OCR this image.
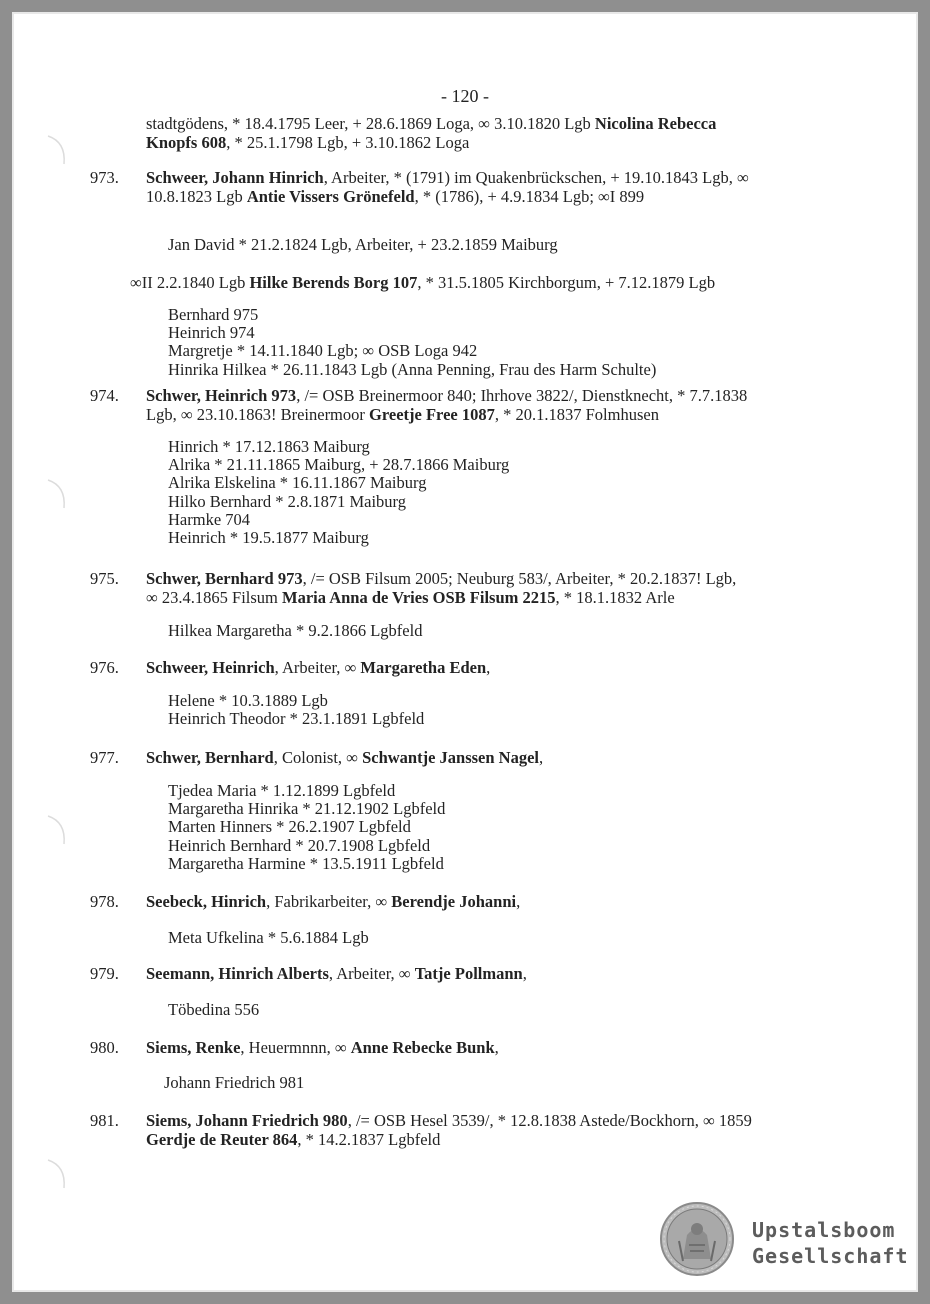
- 120 -
stadtgödens, * 18.4.1795 Leer, + 28.6.1869 Loga, ∞ 3.10.1820 Lgb Nicolina Rebecca
Knopfs 608, * 25.1.1798 Lgb, + 3.10.1862 Loga
973. Schweer, Johann Hinrich, Arbeiter, * (1791) im Quakenbrückschen, + 19.10.1843 Lgb, ∞
10.8.1823 Lgb Antie Vissers Grönefeld, * (1786), + 4.9.1834 Lgb; ∞I 899
Jan David * 21.2.1824 Lgb, Arbeiter, + 23.2.1859 Maiburg
∞II 2.2.1840 Lgb Hilke Berends Borg 107, * 31.5.1805 Kirchborgum, + 7.12.1879 Lgb
Bernhard 975
Heinrich 974
Margretje * 14.11.1840 Lgb; ∞ OSB Loga 942
Hinrika Hilkea * 26.11.1843 Lgb (Anna Penning, Frau des Harm Schulte)
974. Schwer, Heinrich 973, /= OSB Breinermoor 840; Ihrhove 3822/, Dienstknecht, * 7.7.1838
Lgb, ∞ 23.10.1863! Breinermoor Greetje Free 1087, * 20.1.1837 Folmhusen
Hinrich * 17.12.1863 Maiburg
Alrika * 21.11.1865 Maiburg, + 28.7.1866 Maiburg
Alrika Elskelina * 16.11.1867 Maiburg
Hilko Bernhard * 2.8.1871 Maiburg
Harmke 704
Heinrich * 19.5.1877 Maiburg
975. Schwer, Bernhard 973, /= OSB Filsum 2005; Neuburg 583/, Arbeiter, * 20.2.1837! Lgb,
∞ 23.4.1865 Filsum Maria Anna de Vries OSB Filsum 2215, * 18.1.1832 Arle
Hilkea Margaretha * 9.2.1866 Lgbfeld
976. Schweer, Heinrich, Arbeiter, ∞ Margaretha Eden,
Helene * 10.3.1889 Lgb
Heinrich Theodor * 23.1.1891 Lgbfeld
977. Schwer, Bernhard, Colonist, ∞ Schwantje Janssen Nagel,
Tjedea Maria * 1.12.1899 Lgbfeld
Margaretha Hinrika * 21.12.1902 Lgbfeld
Marten Hinners * 26.2.1907 Lgbfeld
Heinrich Bernhard * 20.7.1908 Lgbfeld
Margaretha Harmine * 13.5.1911 Lgbfeld
978. Seebeck, Hinrich, Fabrikarbeiter, ∞ Berendje Johanni,
Meta Ufkelina * 5.6.1884 Lgb
979. Seemann, Hinrich Alberts, Arbeiter, ∞ Tatje Pollmann,
Töbedina 556
980. Siems, Renke, Heuermnnn, ∞ Anne Rebecke Bunk,
Johann Friedrich 981
981. Siems, Johann Friedrich 980, /= OSB Hesel 3539/, * 12.8.1838 Astede/Bockhorn, ∞ 1859
Gerdje de Reuter 864, * 14.2.1837 Lgbfeld
Upstalsboom
Gesellschaft
